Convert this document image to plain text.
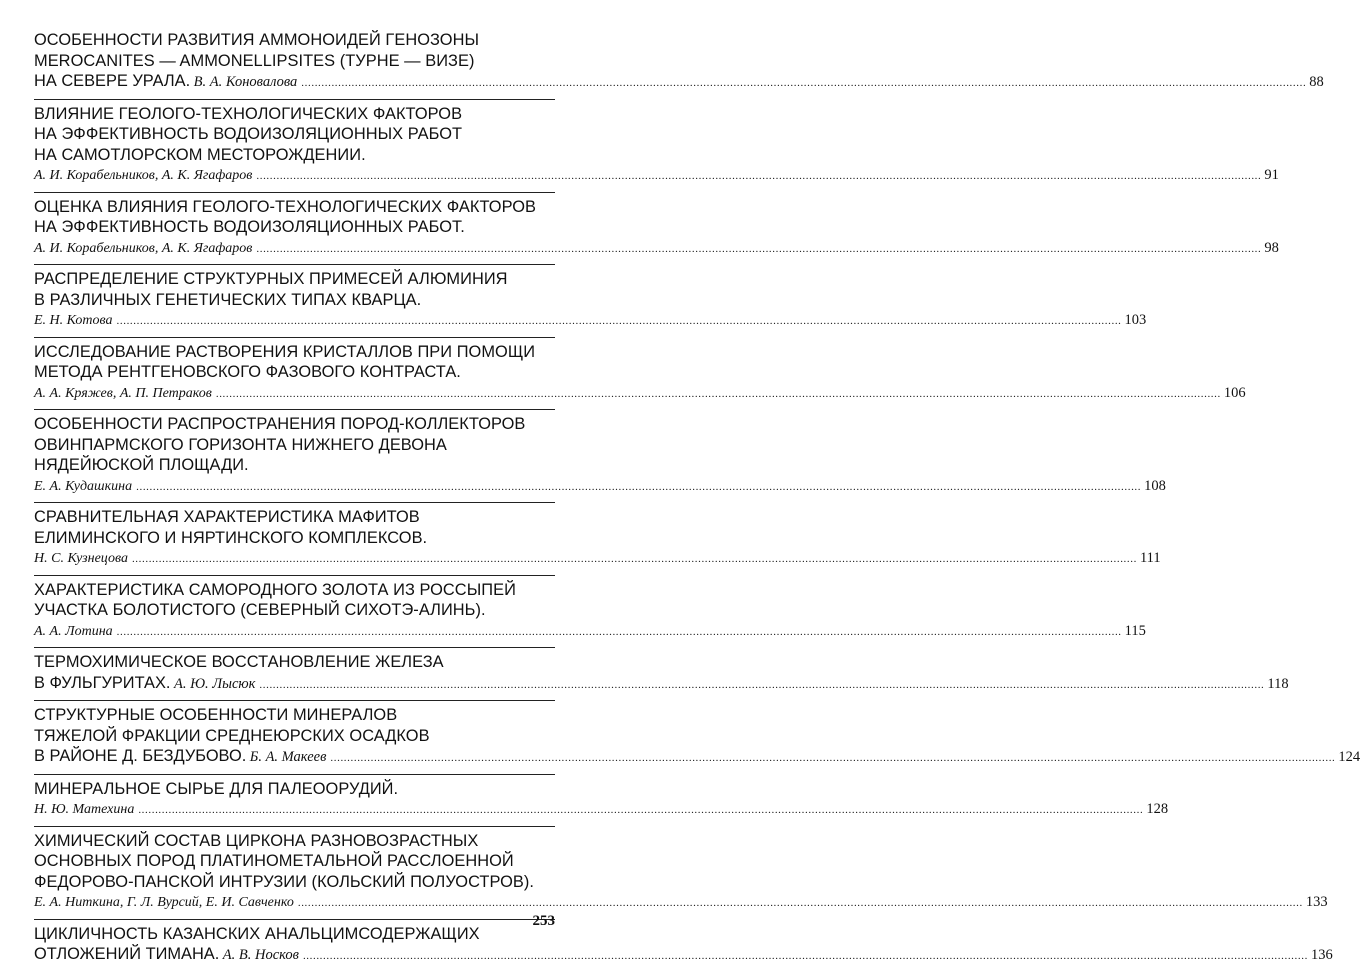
ОСОБЕННОСТИ РАЗВИТИЯ АММОНОИДЕЙ ГЕНОЗОНЫ
MEROCANITES — AMMONELLIPSITES (ТУРНЕ — ВИЗЕ)
НА СЕВЕРЕ УРАЛА.
В. А. Коновалова ............................................................................................................................................................................................................................................................................................................ 88
ВЛИЯНИЕ ГЕОЛОГО-ТЕХНОЛОГИЧЕСКИХ ФАКТОРОВ
НА ЭФФЕКТИВНОСТЬ ВОДОИЗОЛЯЦИОННЫХ РАБОТ
НА САМОТЛОРСКОМ МЕСТОРОЖДЕНИИ.
А. И. Корабельников, А. К. Ягафаров ............................................................................................................................................................................................................................................................................................................ 91
ОЦЕНКА ВЛИЯНИЯ ГЕОЛОГО-ТЕХНОЛОГИЧЕСКИХ ФАКТОРОВ
НА ЭФФЕКТИВНОСТЬ ВОДОИЗОЛЯЦИОННЫХ РАБОТ.
А. И. Корабельников, А. К. Ягафаров ............................................................................................................................................................................................................................................................................................................ 98
РАСПРЕДЕЛЕНИЕ СТРУКТУРНЫХ ПРИМЕСЕЙ АЛЮМИНИЯ
В РАЗЛИЧНЫХ ГЕНЕТИЧЕСКИХ ТИПАХ КВАРЦА.
Е. Н. Котова ............................................................................................................................................................................................................................................................................................................ 103
ИССЛЕДОВАНИЕ РАСТВОРЕНИЯ КРИСТАЛЛОВ ПРИ ПОМОЩИ
МЕТОДА РЕНТГЕНОВСКОГО ФАЗОВОГО КОНТРАСТА.
А. А. Кряжев, А. П. Петраков ............................................................................................................................................................................................................................................................................................................ 106
ОСОБЕННОСТИ РАСПРОСТРАНЕНИЯ ПОРОД-КОЛЛЕКТОРОВ
ОВИНПАРМСКОГО ГОРИЗОНТА НИЖНЕГО ДЕВОНА
НЯДЕЙЮСКОЙ ПЛОЩАДИ.
Е. А. Кудашкина ............................................................................................................................................................................................................................................................................................................ 108
СРАВНИТЕЛЬНАЯ ХАРАКТЕРИСТИКА МАФИТОВ
ЕЛИМИНСКОГО И НЯРТИНСКОГО КОМПЛЕКСОВ.
Н. С. Кузнецова ............................................................................................................................................................................................................................................................................................................ 111
ХАРАКТЕРИСТИКА САМОРОДНОГО ЗОЛОТА ИЗ РОССЫПЕЙ
УЧАСТКА БОЛОТИСТОГО (СЕВЕРНЫЙ СИХОТЭ-АЛИНЬ).
А. А. Лотина ............................................................................................................................................................................................................................................................................................................ 115
ТЕРМОХИМИЧЕСКОЕ ВОССТАНОВЛЕНИЕ ЖЕЛЕЗА
В ФУЛЬГУРИТАХ.
А. Ю. Лысюк ............................................................................................................................................................................................................................................................................................................ 118
СТРУКТУРНЫЕ ОСОБЕННОСТИ МИНЕРАЛОВ
ТЯЖЕЛОЙ ФРАКЦИИ СРЕДНЕЮРСКИХ ОСАДКОВ
В РАЙОНЕ Д. БЕЗДУБОВО.
Б. А. Макеев ............................................................................................................................................................................................................................................................................................................ 124
МИНЕРАЛЬНОЕ СЫРЬЕ ДЛЯ ПАЛЕООРУДИЙ.
Н. Ю. Матехина ............................................................................................................................................................................................................................................................................................................ 128
ХИМИЧЕСКИЙ СОСТАВ ЦИРКОНА РАЗНОВОЗРАСТНЫХ
ОСНОВНЫХ ПОРОД ПЛАТИНОМЕТАЛЬНОЙ РАССЛОЕННОЙ
ФЕДОРОВО-ПАНСКОЙ ИНТРУЗИИ (КОЛЬСКИЙ ПОЛУОСТРОВ).
Е. А. Ниткина, Г. Л. Вурсий, Е. И. Савченко ............................................................................................................................................................................................................................................................................................................ 133
ЦИКЛИЧНОСТЬ КАЗАНСКИХ АНАЛЬЦИМСОДЕРЖАЩИХ
ОТЛОЖЕНИЙ ТИМАНА.
А. В. Носков ............................................................................................................................................................................................................................................................................................................ 136
253
